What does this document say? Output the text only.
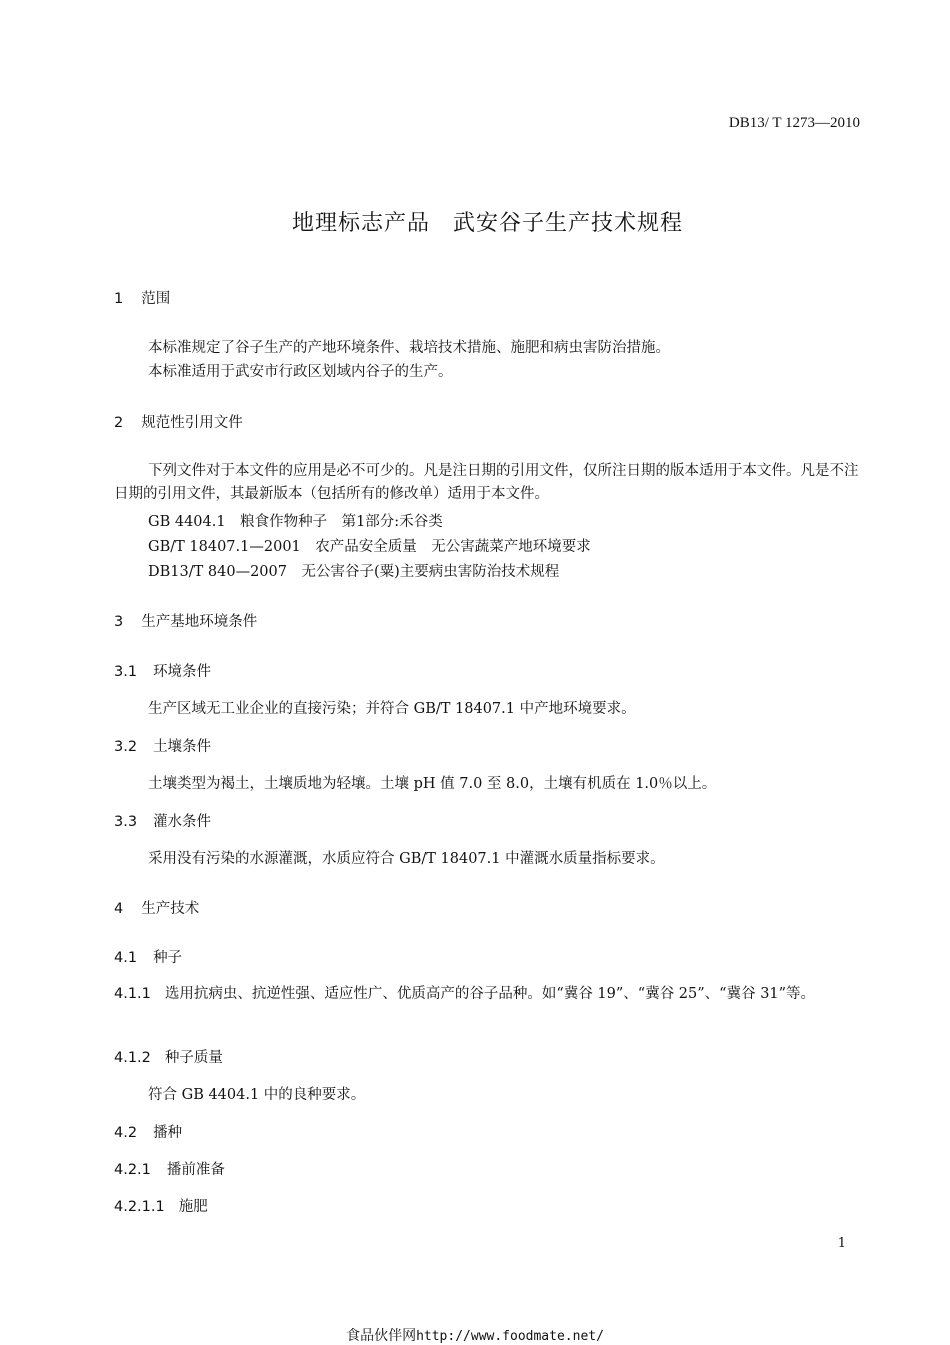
DB13/ T 1273—2010
地理标志产品　武安谷子生产技术规程
1 范围
本标准规定了谷子生产的产地环境条件、栽培技术措施、施肥和病虫害防治措施。
本标准适用于武安市行政区划域内谷子的生产。
2 规范性引用文件
下列文件对于本文件的应用是必不可少的。凡是注日期的引用文件，仅所注日期的版本适用于本文件。凡是不注日期的引用文件，其最新版本（包括所有的修改单）适用于本文件。
GB 4404.1　粮食作物种子　第1部分:禾谷类
GB/T 18407.1—2001　农产品安全质量　无公害蔬菜产地环境要求
DB13/T 840—2007　无公害谷子(粟)主要病虫害防治技术规程
3 生产基地环境条件
3.1 环境条件
生产区域无工业企业的直接污染；并符合 GB/T 18407.1 中产地环境要求。
3.2 土壤条件
土壤类型为褐土，土壤质地为轻壤。土壤 pH 值 7.0 至 8.0，土壤有机质在 1.0％以上。
3.3 灌水条件
采用没有污染的水源灌溉，水质应符合 GB/T 18407.1 中灌溉水质量指标要求。
4 生产技术
4.1 种子
4.1.1 选用抗病虫、抗逆性强、适应性广、优质高产的谷子品种。如“冀谷 19”、“冀谷 25”、“冀谷 31”等。
4.1.2 种子质量
符合 GB 4404.1 中的良种要求。
4.2 播种
4.2.1 播前准备
4.2.1.1 施肥
1
食品伙伴网http://www.foodmate.net/
